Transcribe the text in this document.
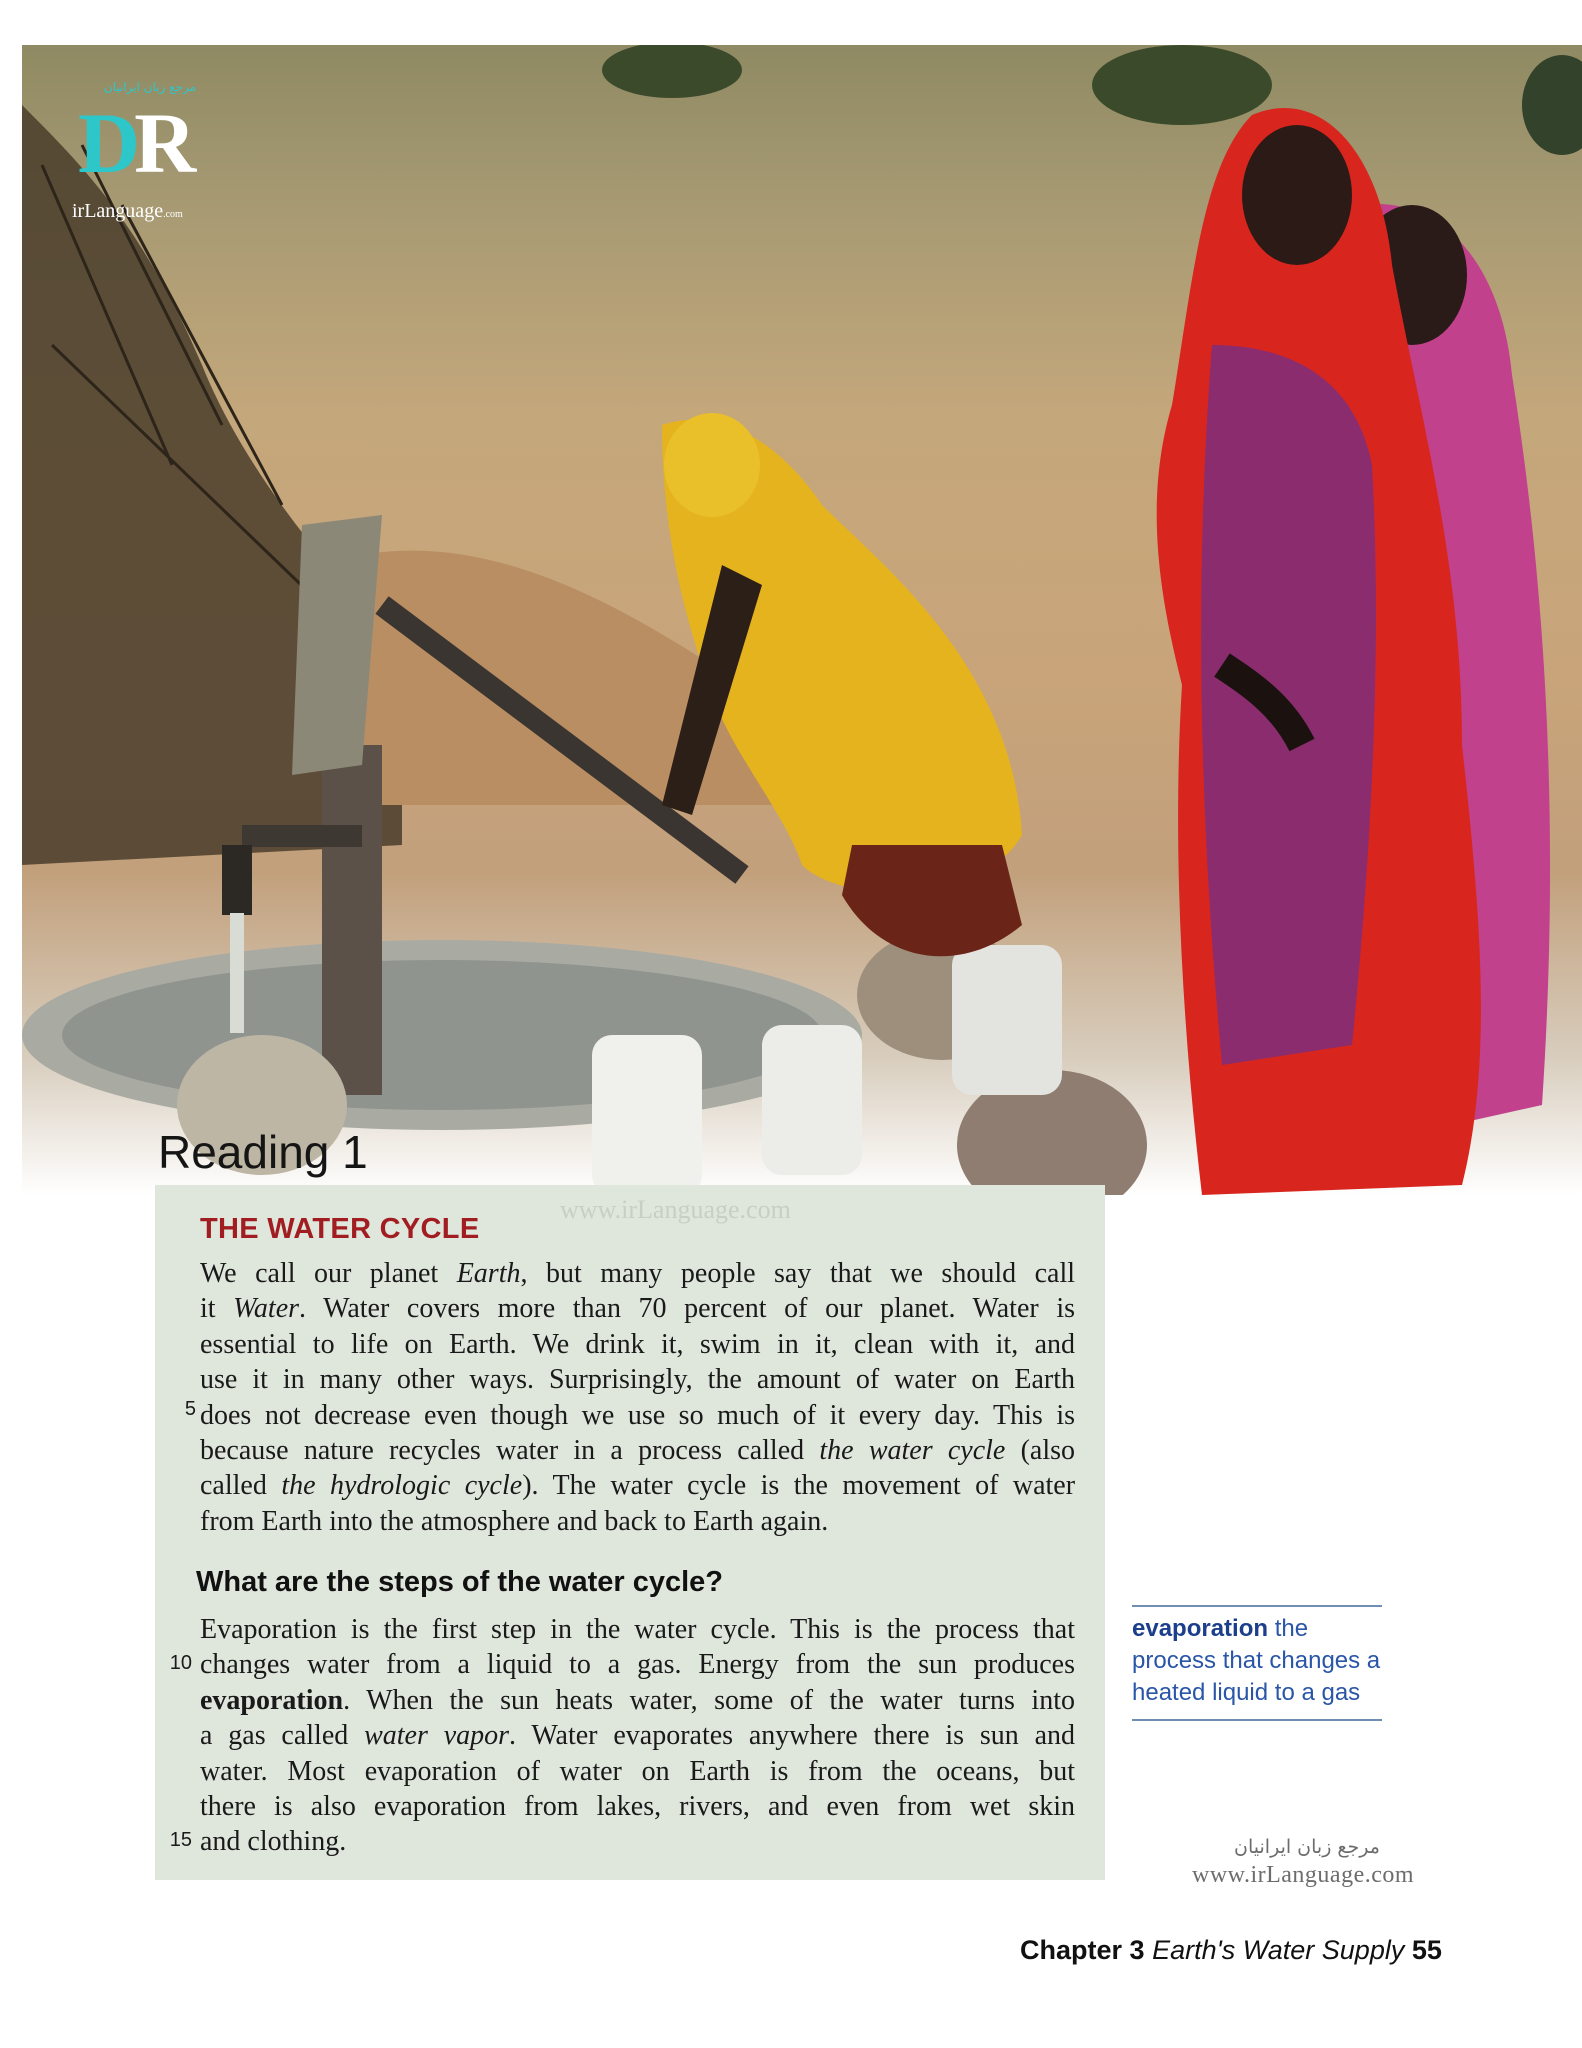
مرجع زبان ایرانیان
DR
irLanguage.com
Reading 1
www.irLanguage.com
THE WATER CYCLE

We call our planet Earth, but many people say that we should call
it Water. Water covers more than 70 percent of our planet. Water is
essential to life on Earth. We drink it, swim in it, clean with it, and
use it in many other ways. Surprisingly, the amount of water on Earth
does not decrease even though we use so much of it every day. This is
because nature recycles water in a process called the water cycle (also
called the hydrologic cycle). The water cycle is the movement of water
from Earth into the atmosphere and back to Earth again.

5
What are the steps of the water cycle?

Evaporation is the first step in the water cycle. This is the process that
changes water from a liquid to a gas. Energy from the sun produces
evaporation. When the sun heats water, some of the water turns into
a gas called water vapor. Water evaporates anywhere there is sun and
water. Most evaporation of water on Earth is from the oceans, but
there is also evaporation from lakes, rivers, and even from wet skin
and clothing.

10
15
evaporation the process that changes a heated liquid to a gas
مرجع زبان ایرانیان
www.irLanguage.com
Chapter 3 Earth's Water Supply 55
